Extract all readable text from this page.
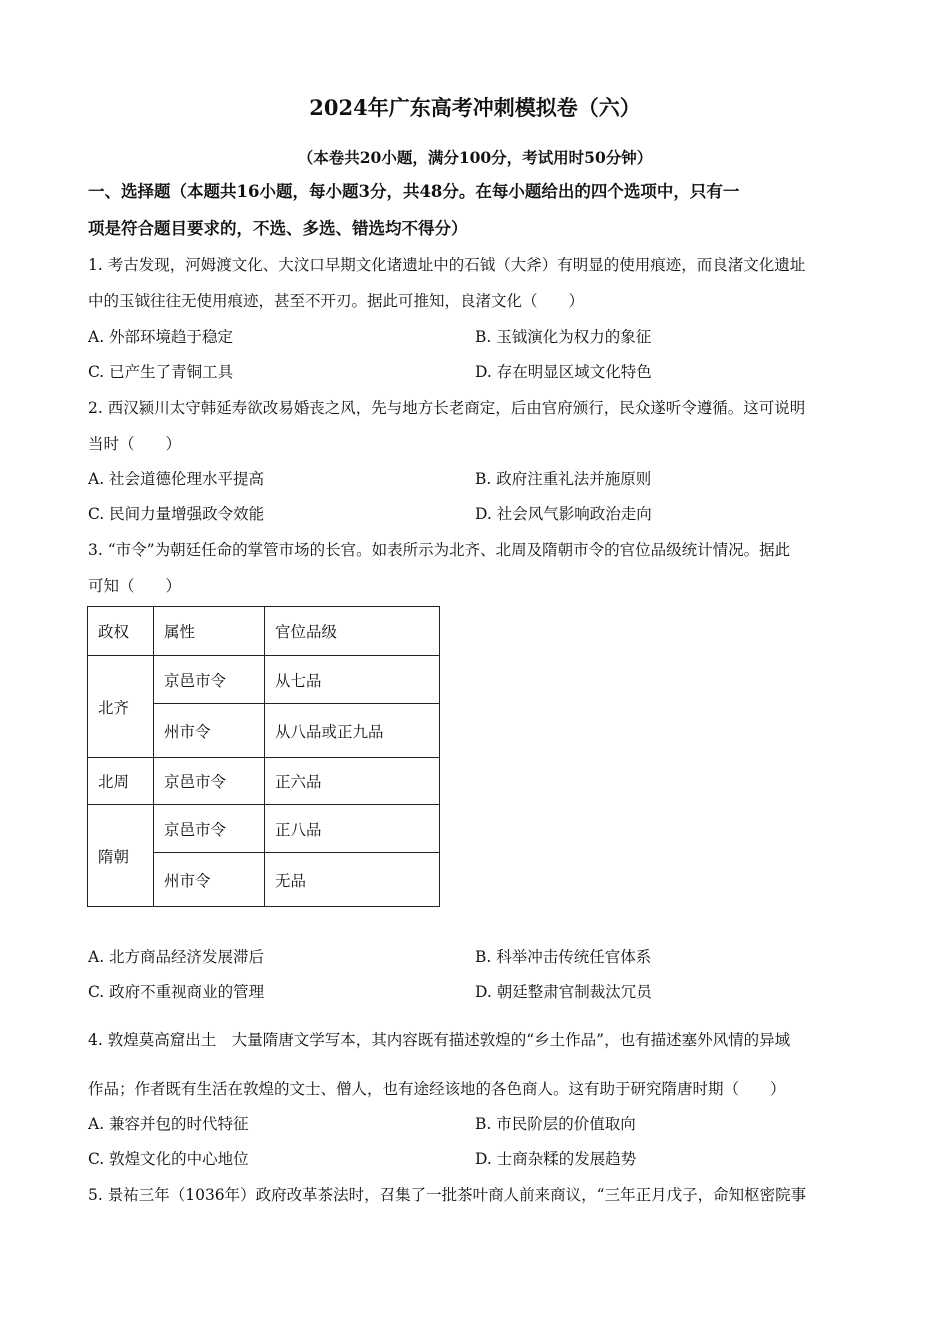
2024年广东高考冲刺模拟卷（六）
（本卷共20小题，满分100分，考试用时50分钟）
一、选择题（本题共16小题，每小题3分，共48分。在每小题给出的四个选项中，只有一
项是符合题目要求的，不选、多选、错选均不得分）
1. 考古发现，河姆渡文化、大汶口早期文化诸遗址中的石钺（大斧）有明显的使用痕迹，而良渚文化遗址
中的玉钺往往无使用痕迹，甚至不开刃。据此可推知，良渚文化（　　）
A. 外部环境趋于稳定	B. 玉钺演化为权力的象征
C. 已产生了青铜工具	D. 存在明显区域文化特色
2. 西汉颍川太守韩延寿欲改易婚丧之风，先与地方长老商定，后由官府颁行，民众遂听令遵循。这可说明
当时（　　）
A. 社会道德伦理水平提高	B. 政府注重礼法并施原则
C. 民间力量增强政令效能	D. 社会风气影响政治走向
3. “市令”为朝廷任命的掌管市场的长官。如表所示为北齐、北周及隋朝市令的官位品级统计情况。据此
可知（　　）
政权	属性	官位品级
北齐	京邑市令	从七品
	州市令	从八品或正九品
北周	京邑市令	正六品
隋朝	京邑市令	正八品
	州市令	无品
A. 北方商品经济发展滞后	B. 科举冲击传统任官体系
C. 政府不重视商业的管理	D. 朝廷整肃官制裁汰冗员
4. 敦煌莫高窟出土　大量隋唐文学写本，其内容既有描述敦煌的“乡土作品”，也有描述塞外风情的异域
作品；作者既有生活在敦煌的文士、僧人，也有途经该地的各色商人。这有助于研究隋唐时期（　　）
A. 兼容并包的时代特征	B. 市民阶层的价值取向
C. 敦煌文化的中心地位	D. 士商杂糅的发展趋势
5. 景祐三年（1036年）政府改革茶法时，召集了一批茶叶商人前来商议，“三年正月戊子，命知枢密院事
